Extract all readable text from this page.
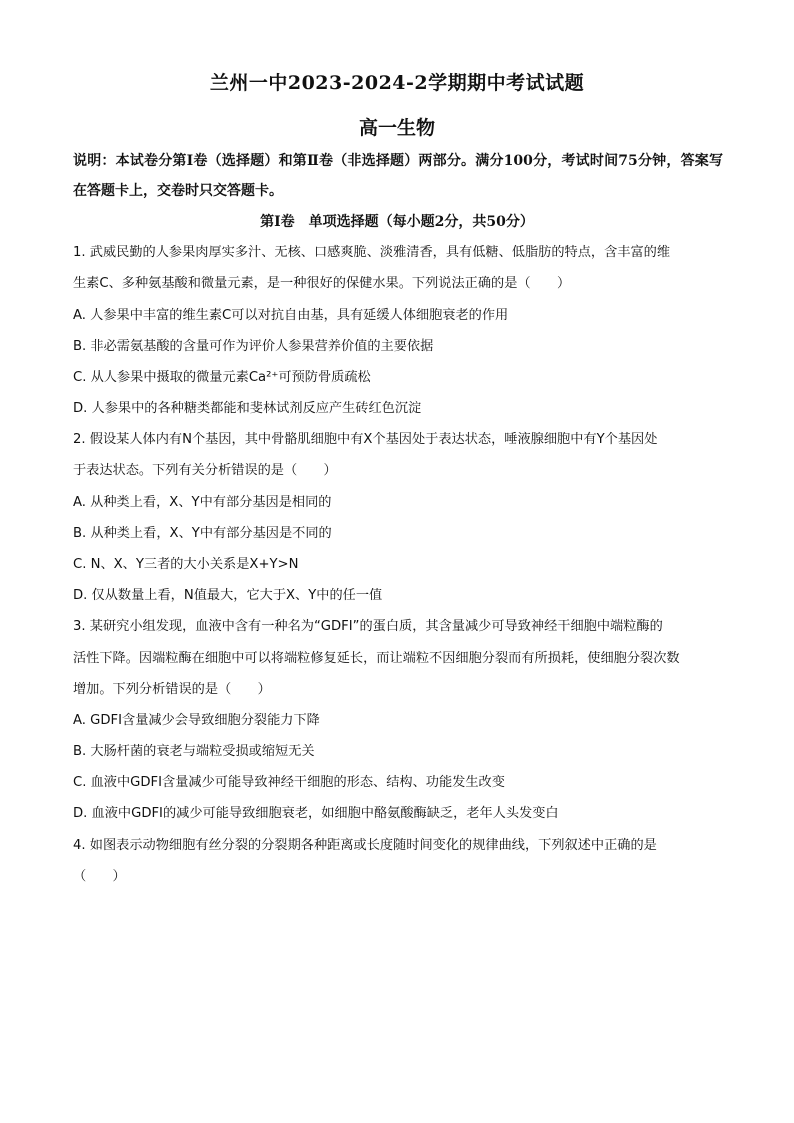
兰州一中2023-2024-2学期期中考试试题
高一生物
说明：本试卷分第Ⅰ卷（选择题）和第Ⅱ卷（非选择题）两部分。满分100分，考试时间75分钟，答案写在答题卡上，交卷时只交答题卡。
第Ⅰ卷　单项选择题（每小题2分，共50分）
1. 武威民勤的人参果肉厚实多汁、无核、口感爽脆、淡雅清香，具有低糖、低脂肪的特点，含丰富的维
生素C、多种氨基酸和微量元素，是一种很好的保健水果。下列说法正确的是（　　）
A. 人参果中丰富的维生素C可以对抗自由基，具有延缓人体细胞衰老的作用
B. 非必需氨基酸的含量可作为评价人参果营养价值的主要依据
C. 从人参果中摄取的微量元素Ca²⁺可预防骨质疏松
D. 人参果中的各种糖类都能和斐林试剂反应产生砖红色沉淀
2. 假设某人体内有N个基因，其中骨骼肌细胞中有X个基因处于表达状态，唾液腺细胞中有Y个基因处
于表达状态。下列有关分析错误的是（　　）
A. 从种类上看，X、Y中有部分基因是相同的
B. 从种类上看，X、Y中有部分基因是不同的
C. N、X、Y三者的大小关系是X+Y>N
D. 仅从数量上看，N值最大，它大于X、Y中的任一值
3. 某研究小组发现，血液中含有一种名为“GDFI”的蛋白质，其含量减少可导致神经干细胞中端粒酶的
活性下降。因端粒酶在细胞中可以将端粒修复延长，而让端粒不因细胞分裂而有所损耗，使细胞分裂次数
增加。下列分析错误的是（　　）
A. GDFI含量减少会导致细胞分裂能力下降
B. 大肠杆菌的衰老与端粒受损或缩短无关
C. 血液中GDFI含量减少可能导致神经干细胞的形态、结构、功能发生改变
D. 血液中GDFI的减少可能导致细胞衰老，如细胞中酪氨酸酶缺乏，老年人头发变白
4. 如图表示动物细胞有丝分裂的分裂期各种距离或长度随时间变化的规律曲线，下列叙述中正确的是
（　　）
